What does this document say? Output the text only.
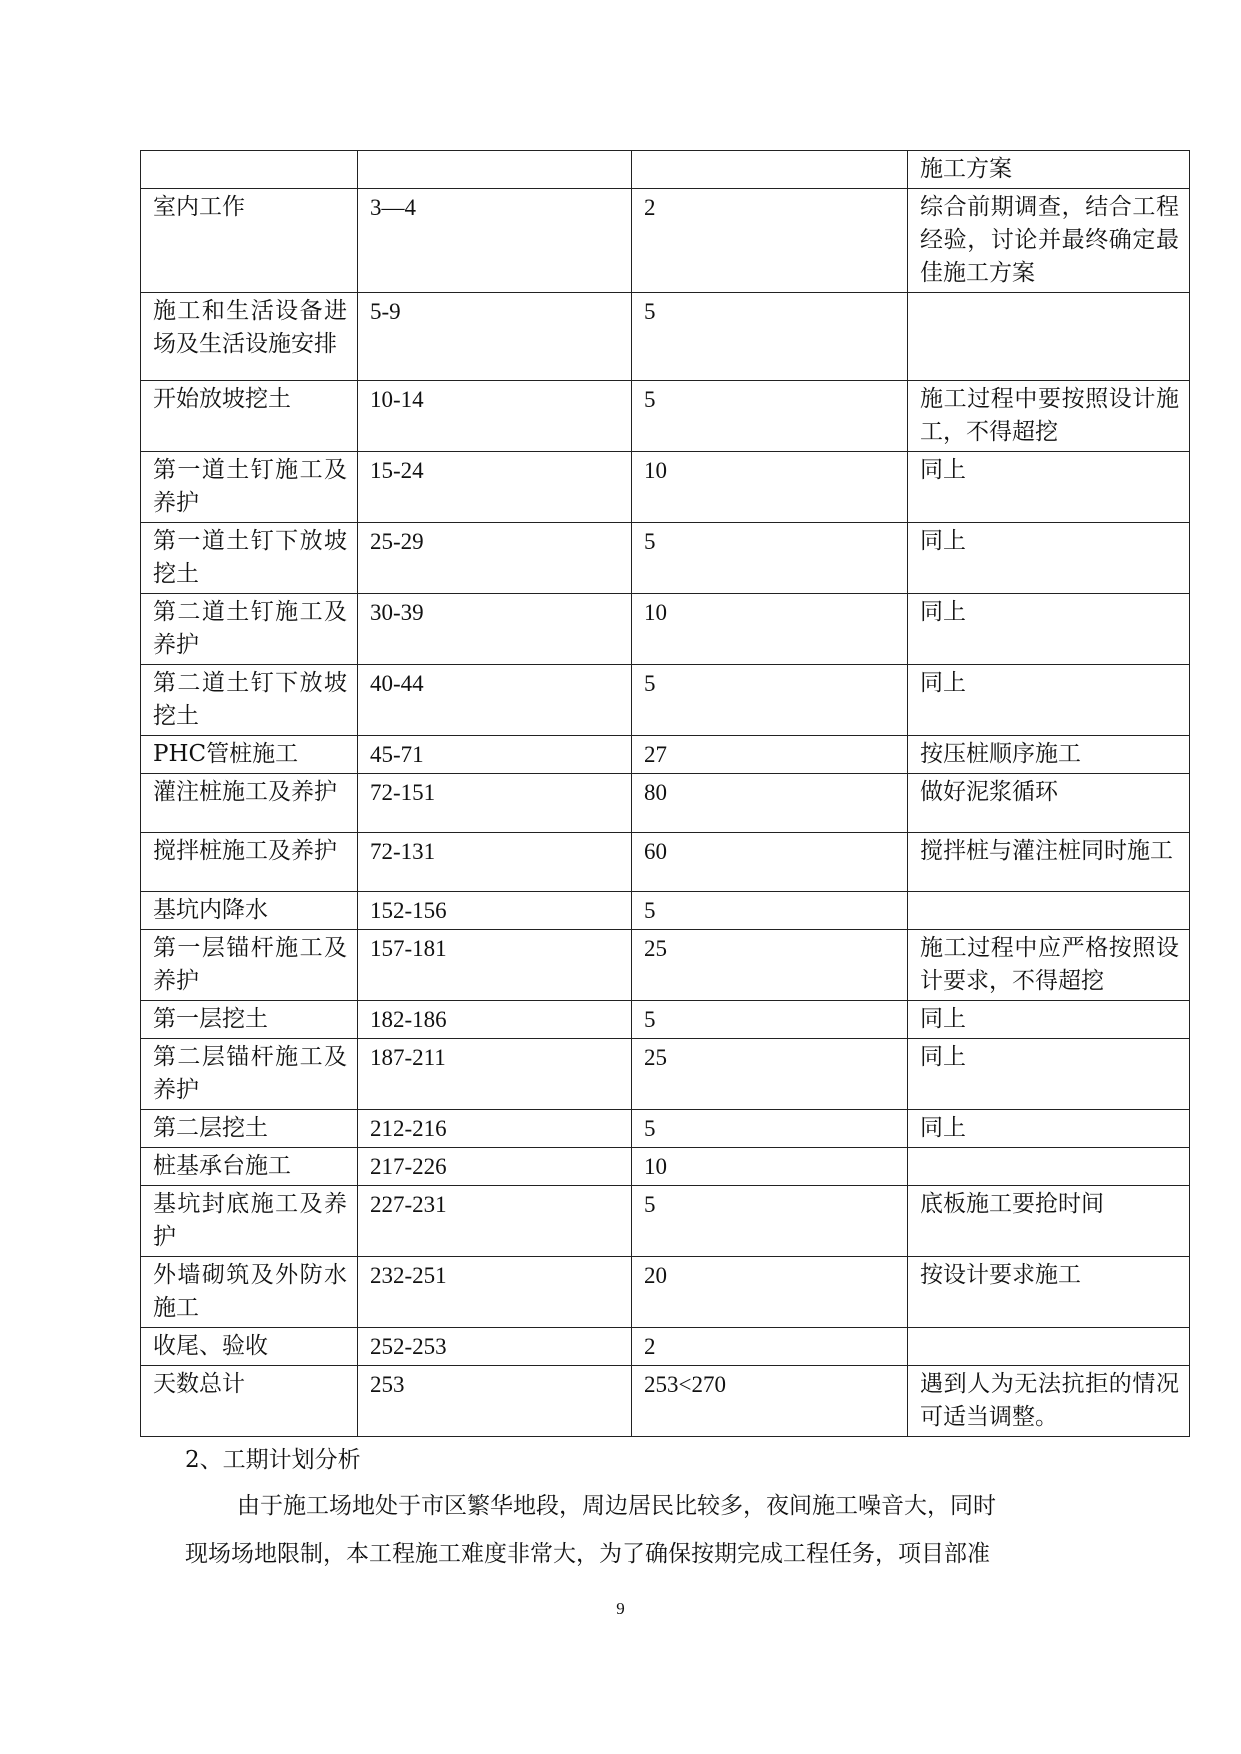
			施工方案
室内工作	3—4	2	综合前期调查，结合工程经验，讨论并最终确定最佳施工方案
施工和生活设备进场及生活设施安排	5-9	5	
开始放坡挖土	10-14	5	施工过程中要按照设计施工，不得超挖
第一道土钉施工及养护	15-24	10	同上
第一道土钉下放坡挖土	25-29	5	同上
第二道土钉施工及养护	30-39	10	同上
第二道土钉下放坡挖土	40-44	5	同上
PHC管桩施工	45-71	27	按压桩顺序施工
灌注桩施工及养护	72-151	80	做好泥浆循环
搅拌桩施工及养护	72-131	60	搅拌桩与灌注桩同时施工
基坑内降水	152-156	5	
第一层锚杆施工及养护	157-181	25	施工过程中应严格按照设计要求，不得超挖
第一层挖土	182-186	5	同上
第二层锚杆施工及养护	187-211	25	同上
第二层挖土	212-216	5	同上
桩基承台施工	217-226	10	
基坑封底施工及养护	227-231	5	底板施工要抢时间
外墙砌筑及外防水施工	232-251	20	按设计要求施工
收尾、验收	252-253	2	
天数总计	253	253<270	遇到人为无法抗拒的情况可适当调整。
2、工期计划分析
由于施工场地处于市区繁华地段，周边居民比较多，夜间施工噪音大，同时
现场场地限制，本工程施工难度非常大，为了确保按期完成工程任务，项目部准
9
